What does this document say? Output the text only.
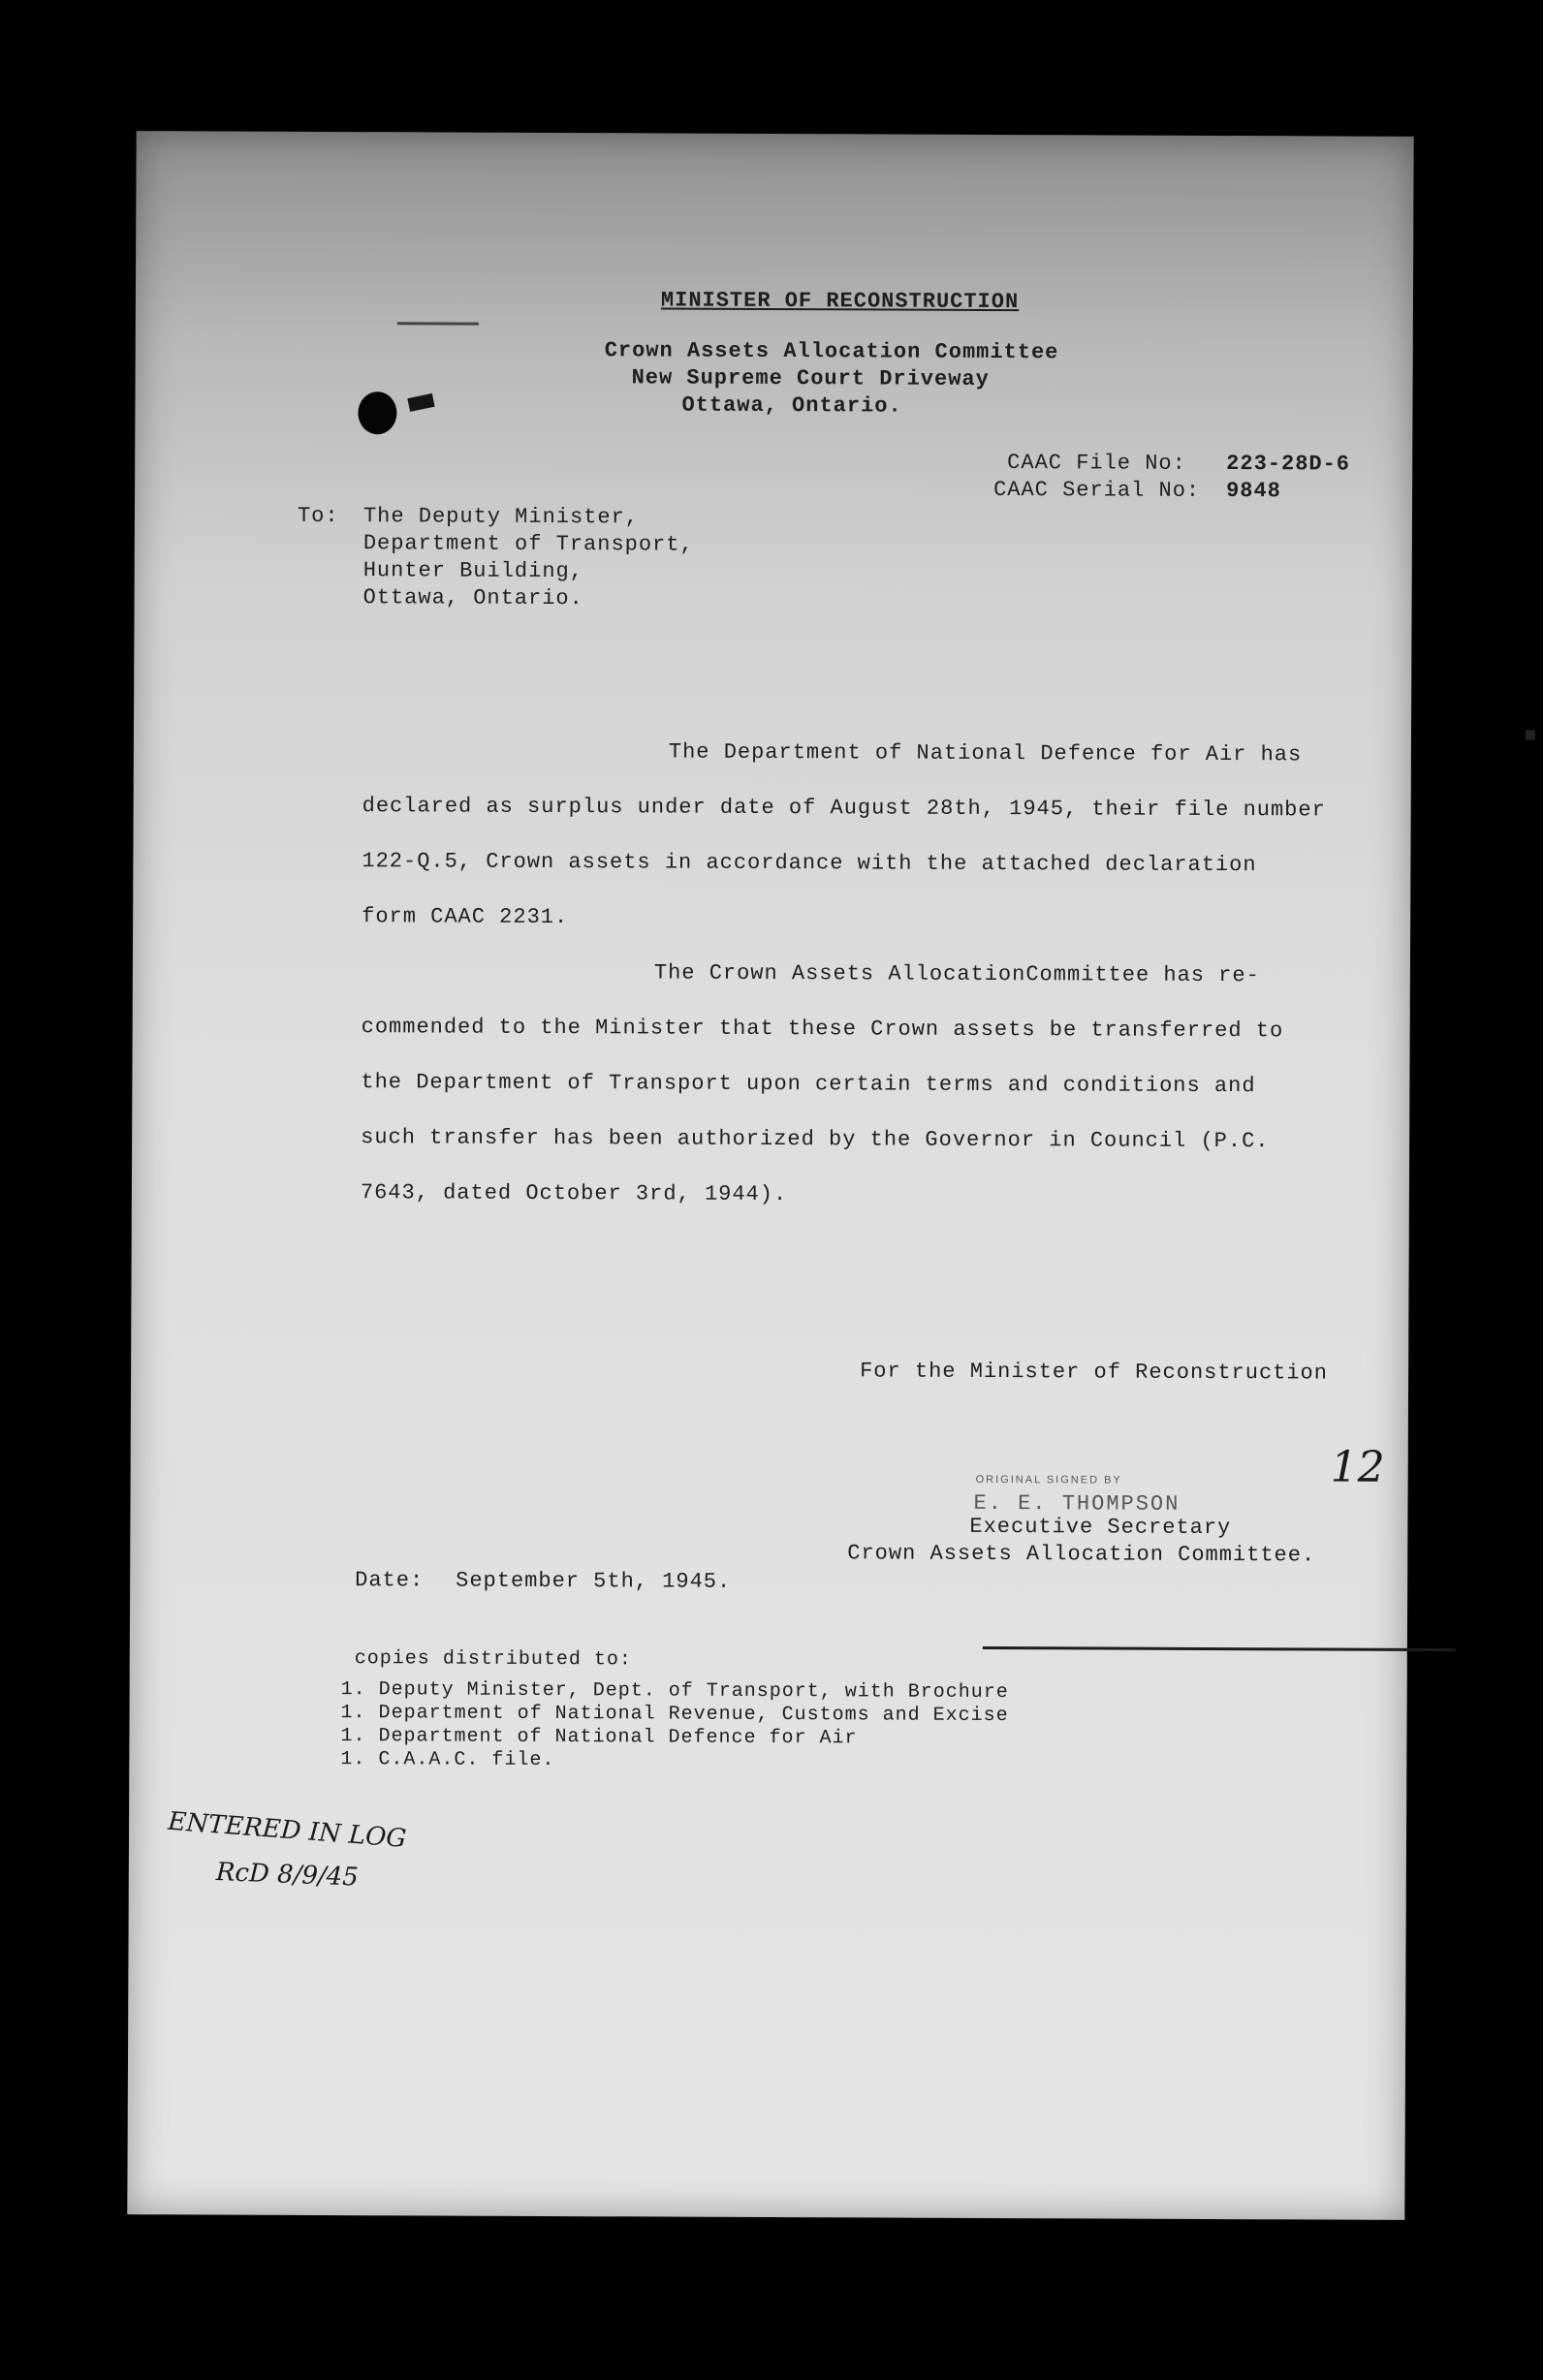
MINISTER OF RECONSTRUCTION
Crown Assets Allocation Committee
New Supreme Court Driveway
Ottawa, Ontario.
CAAC File No: 223-28D-6
CAAC Serial No: 9848
To: The Deputy Minister,
Department of Transport,
Hunter Building,
Ottawa, Ontario.
The Department of National Defence for Air has
declared as surplus under date of August 28th, 1945, their file number
122-Q.5, Crown assets in accordance with the attached declaration
form CAAC 2231.
The Crown Assets AllocationCommittee has re-
commended to the Minister that these Crown assets be transferred to
the Department of Transport upon certain terms and conditions and
such transfer has been authorized by the Governor in Council (P.C.
7643, dated October 3rd, 1944).
For the Minister of Reconstruction
ORIGINAL SIGNED BY
E. E. THOMPSON
12
Executive Secretary
Crown Assets Allocation Committee.
Date: September 5th, 1945.
copies distributed to:
1. Deputy Minister, Dept. of Transport, with Brochure
1. Department of National Revenue, Customs and Excise
1. Department of National Defence for Air
1. C.A.A.C. file.
ENTERED IN LOG
RcD 8/9/45
